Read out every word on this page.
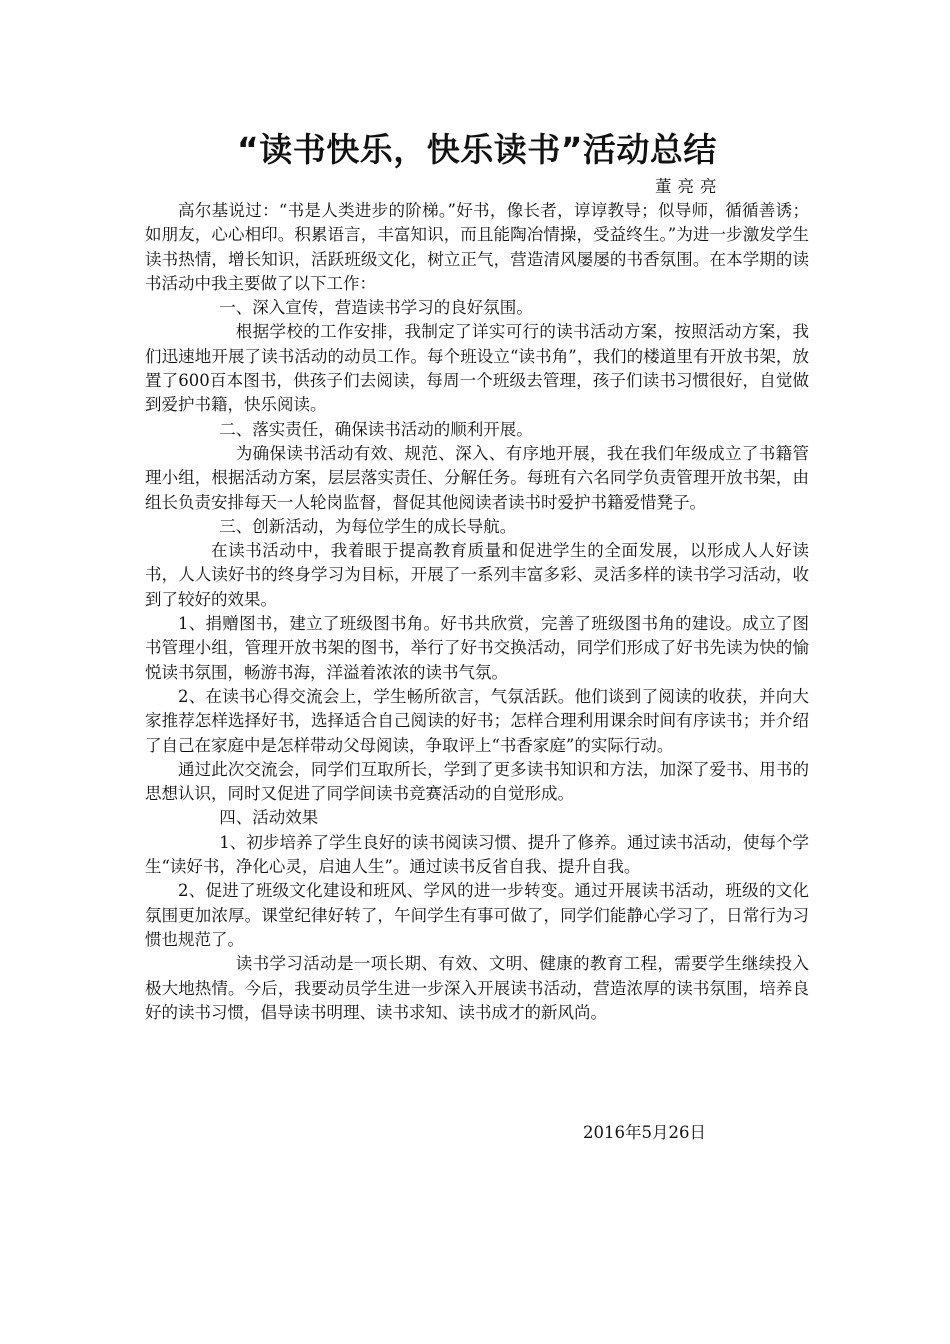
“读书快乐，快乐读书”活动总结

董亮亮

高尔基说过：“书是人类进步的阶梯。”好书，像长者，谆谆教导；似导师，循循善诱；如朋友，心心相印。积累语言，丰富知识，而且能陶冶情操，受益终生。”为进一步激发学生读书热情，增长知识，活跃班级文化，树立正气，营造清风屡屡的书香氛围。在本学期的读书活动中我主要做了以下工作：

一、深入宣传，营造读书学习的良好氛围。

根据学校的工作安排，我制定了详实可行的读书活动方案，按照活动方案，我们迅速地开展了读书活动的动员工作。每个班设立“读书角”，我们的楼道里有开放书架，放置了600百本图书，供孩子们去阅读，每周一个班级去管理，孩子们读书习惯很好，自觉做到爱护书籍，快乐阅读。

二、落实责任，确保读书活动的顺利开展。

为确保读书活动有效、规范、深入、有序地开展，我在我们年级成立了书籍管理小组，根据活动方案，层层落实责任、分解任务。每班有六名同学负责管理开放书架，由组长负责安排每天一人轮岗监督，督促其他阅读者读书时爱护书籍爱惜凳子。

三、创新活动，为每位学生的成长导航。

在读书活动中，我着眼于提高教育质量和促进学生的全面发展，以形成人人好读书，人人读好书的终身学习为目标，开展了一系列丰富多彩、灵活多样的读书学习活动，收到了较好的效果。

1、捐赠图书，建立了班级图书角。好书共欣赏，完善了班级图书角的建设。成立了图书管理小组，管理开放书架的图书，举行了好书交换活动，同学们形成了好书先读为快的愉悦读书氛围，畅游书海，洋溢着浓浓的读书气氛。

2、在读书心得交流会上，学生畅所欲言，气氛活跃。他们谈到了阅读的收获，并向大家推荐怎样选择好书，选择适合自己阅读的好书；怎样合理利用课余时间有序读书；并介绍了自己在家庭中是怎样带动父母阅读，争取评上“书香家庭”的实际行动。

通过此次交流会，同学们互取所长，学到了更多读书知识和方法，加深了爱书、用书的思想认识，同时又促进了同学间读书竞赛活动的自觉形成。

四、活动效果

1、初步培养了学生良好的读书阅读习惯、提升了修养。通过读书活动，使每个学生“读好书，净化心灵，启迪人生”。通过读书反省自我、提升自我。

2、促进了班级文化建设和班风、学风的进一步转变。通过开展读书活动，班级的文化氛围更加浓厚。课堂纪律好转了，午间学生有事可做了，同学们能静心学习了，日常行为习惯也规范了。

读书学习活动是一项长期、有效、文明、健康的教育工程，需要学生继续投入极大地热情。今后，我要动员学生进一步深入开展读书活动，营造浓厚的读书氛围，培养良好的读书习惯，倡导读书明理、读书求知、读书成才的新风尚。

2016年5月26日
